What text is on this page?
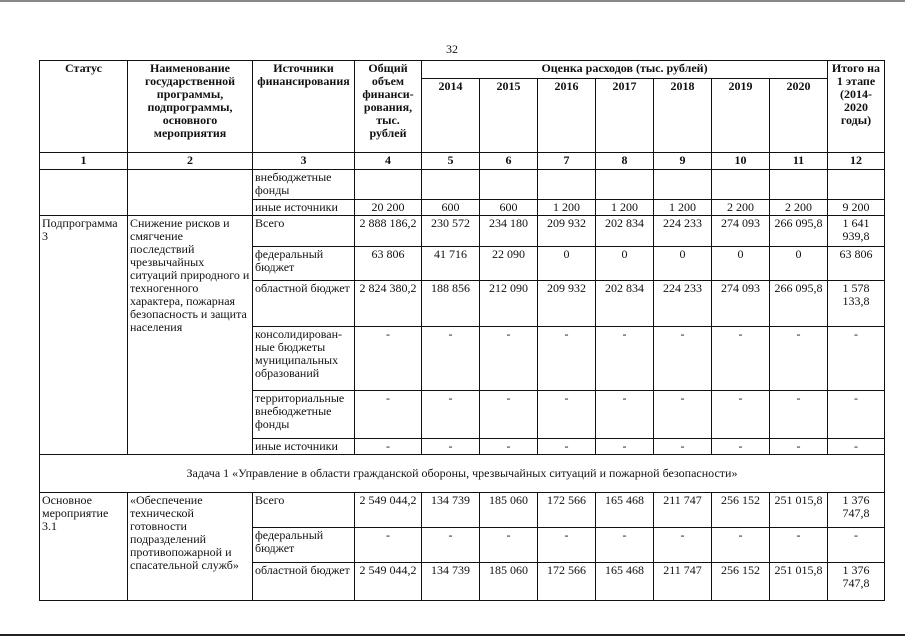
32
Статус	Наименование государственной программы, подпрограммы, основного мероприятия	Источники финансирования	Общий объем финанси-рования, тыс. рублей	Оценка расходов (тыс. рублей)							Итого на 1 этапе (2014-2020 годы)
				2014	2015	2016	2017	2018	2019	2020	
1	2	3	4	5	6	7	8	9	10	11	12
		внебюджетные фонды									
		иные источники	20 200	600	600	1 200	1 200	1 200	2 200	2 200	9 200
Подпрограмма 3	Снижение рисков и смягчение последствий чрезвычайных ситуаций природного и техногенного характера, пожарная безопасность и защита населения	Всего	2 888 186,2	230 572	234 180	209 932	202 834	224 233	274 093	266 095,8	1 641 939,8
		федеральный бюджет	63 806	41 716	22 090	0	0	0	0	0	63 806
		областной бюджет	2 824 380,2	188 856	212 090	209 932	202 834	224 233	274 093	266 095,8	1 578 133,8
		консолидирован-ные бюджеты муниципальных образований	-	-	-	-	-	-	-	-	-
		территориальные внебюджетные фонды	-	-	-	-	-	-	-	-	-
		иные источники	-	-	-	-	-	-	-	-	-
Задача 1 «Управление в области гражданской обороны, чрезвычайных ситуаций и пожарной безопасности»											
Основное мероприятие 3.1	«Обеспечение технической готовности подразделений противопожарной и спасательной служб»	Всего	2 549 044,2	134 739	185 060	172 566	165 468	211 747	256 152	251 015,8	1 376 747,8
		федеральный бюджет	-	-	-	-	-	-	-	-	-
		областной бюджет	2 549 044,2	134 739	185 060	172 566	165 468	211 747	256 152	251 015,8	1 376 747,8
